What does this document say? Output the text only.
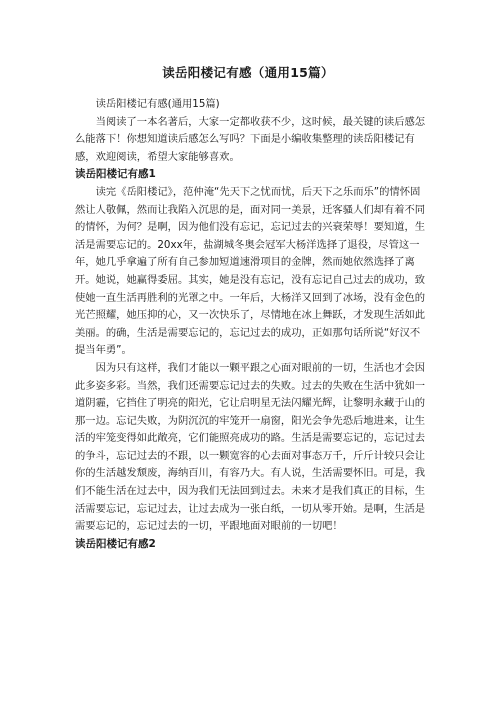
读岳阳楼记有感（通用15篇）

读岳阳楼记有感(通用15篇)

当阅读了一本名著后，大家一定都收获不少，这时候，最关键的读后感怎么能落下！你想知道读后感怎么写吗？下面是小编收集整理的读岳阳楼记有感，欢迎阅读，希望大家能够喜欢。

读岳阳楼记有感1

读完《岳阳楼记》，范仲淹“先天下之忧而忧，后天下之乐而乐”的情怀固然让人敬佩，然而让我陷入沉思的是，面对同一美景，迁客骚人们却有着不同的情怀，为何？是啊，因为他们没有忘记，忘记过去的兴衰荣辱！要知道，生活是需要忘记的。20xx年，盐湖城冬奥会冠军大杨洋选择了退役，尽管这一年，她几乎拿遍了所有自己参加短道速滑项目的金牌，然而她依然选择了离开。她说，她赢得委屈。其实，她是没有忘记，没有忘记自己过去的成功，致使她一直生活再胜利的光罩之中。一年后，大杨洋又回到了冰场，没有金色的光芒照耀，她压抑的心，又一次快乐了，尽情地在冰上舞跃，才发现生活如此美丽。的确，生活是需要忘记的，忘记过去的成功，正如那句话所说“好汉不提当年勇”。

因为只有这样，我们才能以一颗平跟之心面对眼前的一切，生活也才会因此多姿多彩。当然，我们还需要忘记过去的失败。过去的失败在生活中犹如一道阴霾，它挡住了明亮的阳光，它让启明星无法闪耀光辉，让黎明永藏于山的那一边。忘记失败，为阴沉沉的牢笼开一扇窗，阳光会争先恐后地进来，让生活的牢笼变得如此敞亮，它们能照亮成功的路。生活是需要忘记的，忘记过去的争斗，忘记过去的不跟，以一颗宽容的心去面对事态万千，斤斤计较只会让你的生活越发颓废，海纳百川，有容乃大。有人说，生活需要怀旧。可是，我们不能生活在过去中，因为我们无法回到过去。未来才是我们真正的目标，生活需要忘记，忘记过去，让过去成为一张白纸，一切从零开始。是啊，生活是需要忘记的，忘记过去的一切，平跟地面对眼前的一切吧！

读岳阳楼记有感2
